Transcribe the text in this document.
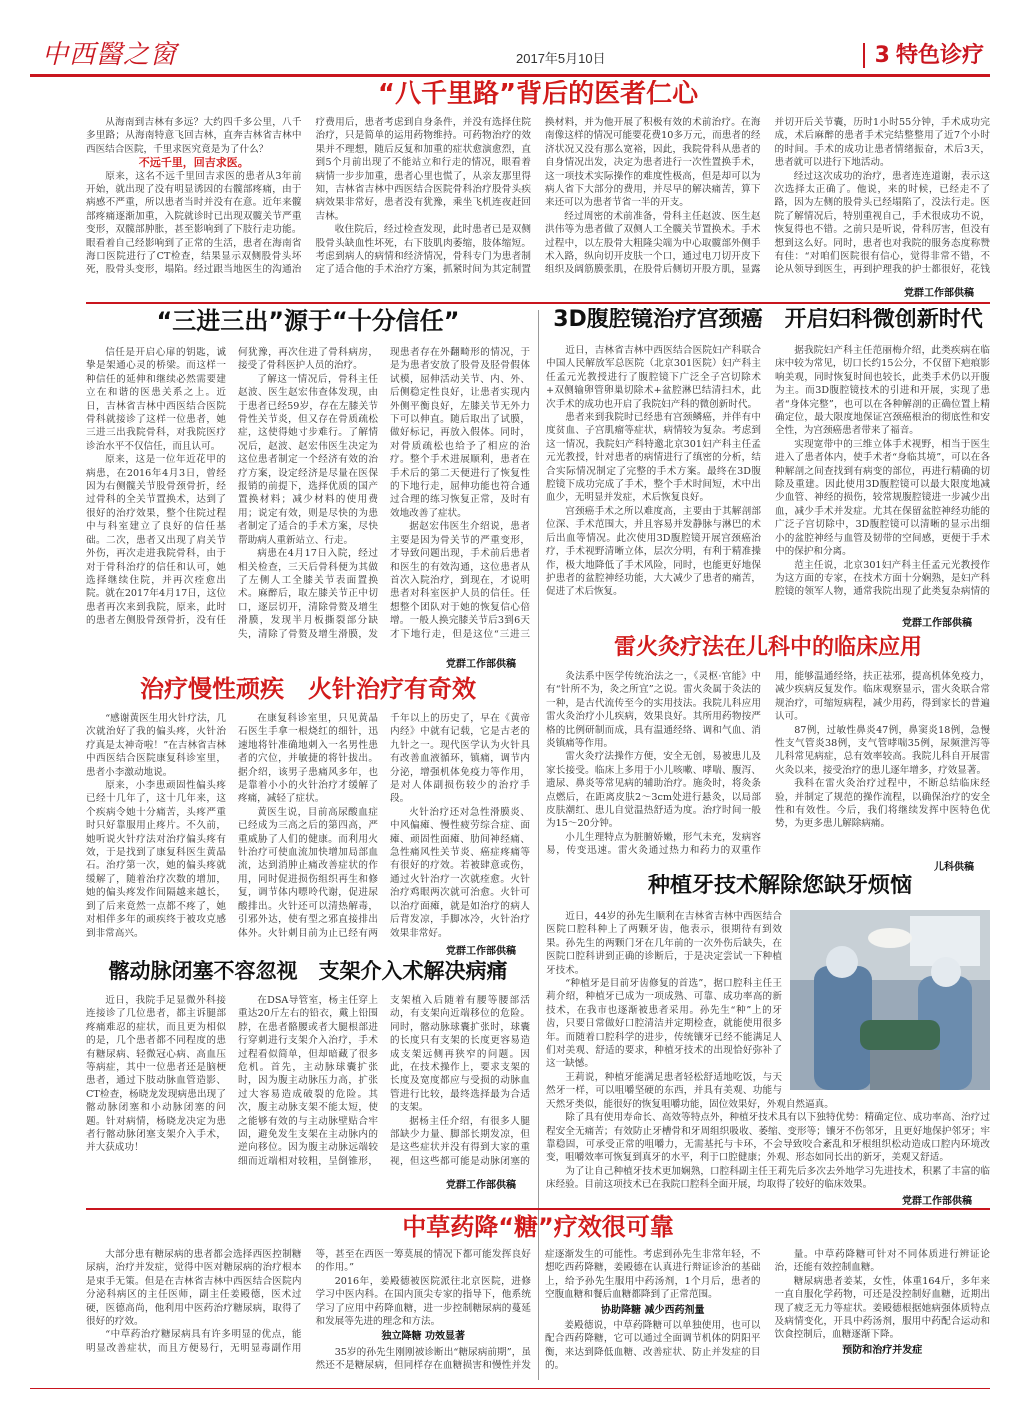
中西醫之窗	2017年5月10日	3 特色诊疗
“八千里路”背后的医者仁心

从海南到吉林有多远？大约四千多公里，八千多里路；从海南特意飞回吉林，直奔吉林省吉林中西医结合医院，千里求医究竟是为了什么？

不远千里，回吉求医。

原来，这名不远千里回吉求医的患者从3年前开始，就出现了没有明显诱因的右髋部疼痛，由于病感不严重，所以患者当时并没有在意。近年来髋部疼痛逐渐加重，入院就诊时已出现双髋关节严重变形，双髋部肿胀，甚至影响到了下肢行走功能。眼看着自己经影响到了正常的生活，患者在海南省海口医院进行了CT检查，结果显示双侧股骨头坏死，股骨头变形，塌陷。经过跟当地医生的沟通治疗费用后，患者考虑到自身条件，并没有选择住院治疗，只是简单的运用药物维持。可药物治疗的效果并不理想，随后反复和加重的症状愈演愈烈，直到5个月前出现了不能站立和行走的情况，眼看着病情一步步加重，患者心里也慌了，从亲友那里得知，吉林省吉林中西医结合医院骨科治疗股骨头疾病效果非常好，患者没有犹豫，乘坐飞机连夜赶回吉林。

收住院后，经过检查发现，此时患者已是双侧股骨头缺血性坏死，右下肢肌肉萎缩，肢体缩短。考虑到病人的病情和经济情况，骨科专门为患者制定了适合他的手术治疗方案，抓紧时间为其定制置换材料，并为他开展了积极有效的术前治疗。在海南像这样的情况可能要花费10多万元，而患者的经济状况又没有那么宽裕，因此，我院骨科从患者的自身情况出发，决定为患者进行一次性置换手术，这一项技术实际操作的难度性极高，但是却可以为病人省下大部分的费用，并尽早的解决痛苦，算下来还可以为患者节省一半的开支。

经过周密的术前准备，骨科主任赵波、医生赵洪伟等为患者做了双侧人工全髋关节置换术。手术过程中，以左股骨大粗隆尖端为中心取髋部外侧手术入路，纵向切开皮肤一个口，通过电刀切开皮下组织及阔筋膜张肌，在股骨后侧切开股方肌，显露并切开后关节囊，历时1小时55分钟，手术成功完成，术后麻醉的患者手术完结整整用了近7个小时的时间。手术的成功让患者情绪振奋，术后3天，患者就可以进行下地活动。

经过这次成功的治疗，患者连连道谢，表示这次选择太正确了。他说，来的时候，已经走不了路，因为左侧的股骨头已经塌陷了，没法行走。医院了解情况后，特别重视自己，手术很成功不说，恢复得也不错。之前只是听说，骨科厉害，但没有想到这么好。同时，患者也对我院的服务态度称赞有佳：“对咱们医院很有信心，觉得非常不错，不论从领导到医生，再到护理我的护士都很好，花钱

党群工作部供稿
“三进三出”源于“十分信任”

信任是开启心扉的钥匙，诚挚是架通心灵的桥梁。而这样一种信任的延伸和继续必然需要建立在和谐的医患关系之上。近日，吉林省吉林中西医结合医院骨科就接诊了这样一位患者，她三进三出我院骨科，对我院医疗诊治水平不仅信任，而且认可。

原来，这是一位年近花甲的病患，在2016年4月3日，曾经因为右侧髋关节股骨颈骨折，经过骨科的全关节置换术，达到了很好的治疗效果，整个住院过程中与科室建立了良好的信任基础。二次，患者又出现了肩关节外伤，再次走进我院骨科，由于对于骨科治疗的信任和认可，她选择继续住院，并再次痊愈出院。就在2017年4月17日，这位患者再次来到我院，原来，此时的患者左侧股骨颈骨折，没有任何犹豫，再次住进了骨科病房，接受了骨科医护人员的治疗。

了解这一情况后，骨科主任赵波、医生赵宏伟查体发现，由于患者已经59岁，存在左膝关节骨性关节炎，但又存在骨质疏松症，这使得她寸步难行。了解情况后，赵波、赵宏伟医生决定为这位患者制定一个经济有效的治疗方案，设定经济是尽量在医保报销的前提下，选择优质的国产置换材料；减少材料的使用费用；说定有效，则是尽快的为患者制定了适合的手术方案，尽快帮助病人重新站立、行走。

病患在4月17日入院，经过相关检查，三天后骨科便为其做了左侧人工全膝关节表面置换术。麻醉后，取左膝关节正中切口，逐层切开，清除骨赘及增生滑膜，发现半月板撕裂部分缺失，清除了骨赘及增生滑膜，发现患者存在外翻畸形的情况，于是为患者安放了股骨及胫骨假体试模，屈伸活动关节、内、外、后侧稳定性良好，让患者实现内外侧平衡良好，左膝关节无外力下可以伸直。随后取出了试膜，做好标记，再放入假体。同时，对骨质疏松也给予了相应的治疗。整个手术进展顺利，患者在手术后的第二天便进行了恢复性的下地行走，屈伸功能也符合通过合理的练习恢复正常，及时有效地改善了症状。

据赵宏伟医生介绍说，患者主要是因为骨关节的严重变形，才导致问题出现，手术前后患者和医生的有效沟通，这位患者从首次入院治疗，到现在，才说明患者对科室医护人员的信任。任想整个团队对于她的恢复信心倍增。一般人换完膝关节后3到6天才下地行走，但是这位“三进三

党群工作部供稿
3D腹腔镜治疗宫颈癌　开启妇科微创新时代

近日，吉林省吉林中西医结合医院妇产科联合中国人民解放军总医院（北京301医院）妇产科主任孟元光教授进行了腹腔镜下广泛全子宫切除术+双侧输卵管卵巢切除术+盆腔淋巴结清扫术，此次手术的成功也开启了我院妇产科的微创新时代。

患者来到我院时已经患有宫颈鳞癌，并伴有中度贫血、子宫肌瘤等症状，病情较为复杂。考虑到这一情况，我院妇产科特邀北京301妇产科主任孟元光教授，针对患者的病情进行了缜密的分析，结合实际情况制定了完整的手术方案。最终在3D腹腔镜下成功完成了手术，整个手术时间短，术中出血少，无明显并发症，术后恢复良好。

宫颈癌手术之所以难度高，主要由于其解剖部位深、手术范围大，并且容易并发静脉与淋巴的术后出血等情况。此次使用3D腹腔镜开展宫颈癌治疗，手术视野清晰立体，层次分明，有利于精准操作，极大地降低了手术风险，同时，也能更好地保护患者的盆腔神经功能，大大减少了患者的痛苦，促进了术后恢复。

据我院妇产科主任范丽梅介绍，此类疾病在临床中较为常见，切口长约15公分，不仅留下疤痕影响美观，同时恢复时间也较长，此类手术仍以开腹为主。而3D腹腔镜技术的引进和开展，实现了患者“身体完整”，也可以在各种解剖的正确位置上精确定位，最大限度地保证宫颈癌根治的彻底性和安全性，为宫颈癌患者带来了福音。

实现宽带中的三维立体手术视野，相当于医生进入了患者体内，使手术者“身临其境”，可以在各种解剖之间查找到有病变的部位，再进行精确的切除及重建。因此使用3D腹腔镜可以最大限度地减少血管、神经的损伤，较常规腹腔镜进一步减少出血，减少手术并发症。尤其在保留盆腔神经功能的广泛子宫切除中，3D腹腔镜可以清晰的显示出细小的盆腔神经与血管及韧带的空间感，更便于手术中的保护和分离。

范主任说，北京301妇产科主任孟元光教授作为这方面的专家，在技术方面十分娴熟，是妇产科腔镜的领军人物，通常我院出现了此类复杂病情的

党群工作部供稿
雷火灸疗法在儿科中的临床应用

灸法系中医学传统治法之一，《灵枢·官能》中有“针所不为，灸之所宜”之说。雷火灸属于灸法的一种，是古代流传至今的实用技法。我院儿科应用雷火灸治疗小儿疾病，效果良好。其所用药物按严格的比例研制而成，具有温通经络、调和气血、消炎镇痛等作用。

雷火灸疗法操作方便，安全无创，易被患儿及家长接受。临床上多用于小儿咳嗽、哮喘、腹泻、遗尿、鼻炎等常见病的辅助治疗。施灸时，将灸条点燃后，在距离皮肤2～3cm处进行悬灸，以局部皮肤潮红、患儿自觉温热舒适为度。治疗时间一般为15～20分钟。

小儿生理特点为脏腑娇嫩，形气未充，发病容易，传变迅速。雷火灸通过热力和药力的双重作用，能够温通经络，扶正祛邪，提高机体免疫力，减少疾病反复发作。临床观察显示，雷火灸联合常规治疗，可缩短病程，减少用药，得到家长的普遍认可。

87例，过敏性鼻炎47例，鼻窦炎18例，急慢性支气管炎38例，支气管哮喘35例，尿频泄泻等儿科常见病症，总有效率较高。我院儿科自开展雷火灸以来，接受治疗的患儿逐年增多，疗效显著。

我科在雷火灸治疗过程中，不断总结临床经验，并制定了规范的操作流程，以确保治疗的安全性和有效性。今后，我们将继续发挥中医特色优势，为更多患儿解除病痛。

儿科供稿
治疗慢性顽疾　火针治疗有奇效

“感谢黄医生用火针疗法，几次就治好了我的偏头疼，火针治疗真是太神奇啦！”在吉林省吉林中西医结合医院康复科诊室里，患者小李激动地说。

原来，小李患顽固性偏头疼已经十几年了，这十几年来，这个疾病令她十分痛苦，头疼严重时只好靠服用止疼片。不久前，她听说火针疗法对治疗偏头疼有效，于是找到了康复科医生黄晶石。治疗第一次，她的偏头疼就缓解了，随着治疗次数的增加，她的偏头疼发作间隔越来越长，到了后来竟然一点都不疼了，她对相伴多年的顽疾终于被攻克感到非常高兴。

在康复科诊室里，只见黄晶石医生手拿一根烧红的细针，迅速地将针准确地刺入一名男性患者的穴位，并敏捷的将针拔出。据介绍，该男子患痛风多年，也是靠着小小的火针治疗才缓解了疼痛，减轻了症状。

黄医生说，目前高尿酸血症已经成为三高之后的第四高，严重威胁了人们的健康。而利用火针治疗可使血流加快增加局部血流，达到消肿止痛改善症状的作用，同时促进损伤组织再生和修复，调节体内嘌呤代谢，促进尿酸排出。火针还可以清热解毒，引邪外达，使有型之邪直接排出体外。火针刺目前为止已经有两千年以上的历史了，早在《黄帝内经》中就有记载，它是古老的九针之一。现代医学认为火针具有改善血液循环，镇痛，调节内分泌，增强机体免疫力等作用，是对人体副损伤较少的治疗手段。

火针治疗还对急性滑膜炎、中风偏瘫、慢性疲劳综合症、面瘫、顽固性面瘫、肋间神经痛、急性痛风性关节炎、癌症疼痛等有很好的疗效。若被肆意或伤，通过火针治疗一次就痊愈。火针治疗鸡眼两次就可治愈。火针可以治疗面瘫，就是如治疗的病人后背发凉，手脚冰冷，火针治疗效果非常好。

党群工作部供稿
髂动脉闭塞不容忽视　支架介入术解决病痛

近日，我院手足显微外科接连接诊了几位患者，都主诉腿部疼痛难忍的症状，而且更为相似的是，几个患者都不同程度的患有糖尿病、轻微冠心病、高血压等病症，其中一位患者还是脑梗患者，通过下肢动脉血管造影、CT检查，杨晓龙发现病患出现了髂动脉闭塞和小动脉闭塞的问题。针对病情，杨晓龙决定为患者行髂动脉闭塞支架介入手术，并大获成功！

在DSA导管室，杨主任穿上重达20斤左右的铅衣，戴上铅围脖，在患者骼腰或者大腿根部进行穿刺进行支架介入治疗，手术过程看似简单，但却暗藏了很多危机。首先，主动脉球囊扩张时，因为腹主动脉压力高，扩张过大容易造成破裂的危险。其次，腹主动脉支架不能太短，使之能够有效的与主动脉壁贴合牢固，避免发生支架在主动脉内的逆向移位。因为腹主动脉远端较细而近端相对较粗，呈倒锥形，支架植入后随着有腰等腰部活动，有支架向近端移位的危险。同时，髂动脉球囊扩张时，球囊的长度只有支架的长度更容易造成支架远侧再狭窄的问题。因此，在技术操作上，要求支架的长度及宽度都应与受损的动脉血管进行比较，最终选择最为合适的支架。

据杨主任介绍，有很多人腿部缺少力量、脚部长期发凉，但是这些症状并没有得到大家的重视，但这些都可能是动脉闭塞的

党群工作部供稿
种植牙技术解除您缺牙烦恼

近日，44岁的孙先生顺利在吉林省吉林中西医结合医院口腔科种上了两颗牙齿，他表示，很期待有到效果。孙先生的两颗门牙在几年前的一次外伤后缺失，在医院口腔科讲到正确的诊断后，于是决定尝试一下种植牙技术。

“种植牙是目前牙齿修复的首选”，据口腔科主任王莉介绍，种植牙已成为一项成熟、可靠、成功率高的新技术，在我市也逐渐被患者采用。孙先生“种”上的牙齿，只要日常做好口腔清洁并定期检查，就能使用很多年。而随着口腔科学的进步，传统镶牙已经不能满足人们对美观、舒适的要求，种植牙技术的出现恰好弥补了这一缺憾。

王莉说，种植牙能满足患者轻松舒适地吃饭，与天然牙一样，可以咀嚼坚硬的东西，并具有美观、功能与天然牙类似，能很好的恢复咀嚼功能，固位效果好，外观自然逼真。

除了具有使用寿命长、高效等特点外，种植牙技术具有以下独特优势：精确定位、成功率高、治疗过程安全无痛苦；有效防止牙槽骨和牙周组织吸收、萎缩、变形等；镶牙不伤邻牙，且更好地保护邻牙；牢靠稳固，可承受正常的咀嚼力，无需基托与卡环，不会导致咬合紊乱和牙根组织松动造成口腔内环境改变，咀嚼效率可恢复到真牙的水平，利于口腔健康；外观、形态如同长出的新牙，美观又舒适。

为了让自己种植牙技术更加娴熟，口腔科副主任王莉先后多次去外地学习先进技术，积累了丰富的临床经验。目前这项技术已在我院口腔科全面开展，均取得了较好的临床效果。

党群工作部供稿
中草药降“糖”疗效很可靠

大部分患有糖尿病的患者都会选择西医控制糖尿病，治疗并发症，觉得中医对糖尿病的治疗根本是束手无策。但是在吉林省吉林中西医结合医院内分泌科病区的主任医师，副主任姜殿德，医术过硬，医德高尚，他利用中医药治疗糖尿病，取得了很好的疗效。

“中草药治疗糖尿病具有许多明显的优点，能明显改善症状，而且方便易行，无明显毒副作用等，甚至在西医一筹莫展的情况下都可能发挥良好的作用。”

2016年，姜殿德被医院派往北京医院，进修学习中医内科。在国内顶尖专家的指导下，他系统学习了应用中药降血糖，进一步控制糖尿病的蔓延和发展等先进的理念和方法。

独立降糖 功效显著

35岁的孙先生刚刚被诊断出“糖尿病前期”，虽然还不是糖尿病，但同样存在血糖损害和慢性并发症逐渐发生的可能性。考虑到孙先生非常年轻，不想吃西药降糖，姜殿德在认真进行辩证诊治的基础上，给予孙先生服用中药汤剂，1个月后，患者的空腹血糖和餐后血糖都降到了正常范围。

协助降糖 减少西药剂量

姜殿德说，中草药降糖可以单独使用，也可以配合西药降糖，它可以通过全面调节机体的阴阳平衡，来达到降低血糖、改善症状、防止并发症的目的。

量。中草药降糖可针对不同体质进行辨证论治，还能有效控制血糖。

糖尿病患者姜某，女性，体重164斤，多年来一直自服化学药物，可还是没控制好血糖，近期出现了疲乏无力等症状。姜殿德根据她病强体质特点及病情变化，开具中药汤剂，服用中药配合运动和饮食控制后，血糖逐渐下降。

预防和治疗并发症
